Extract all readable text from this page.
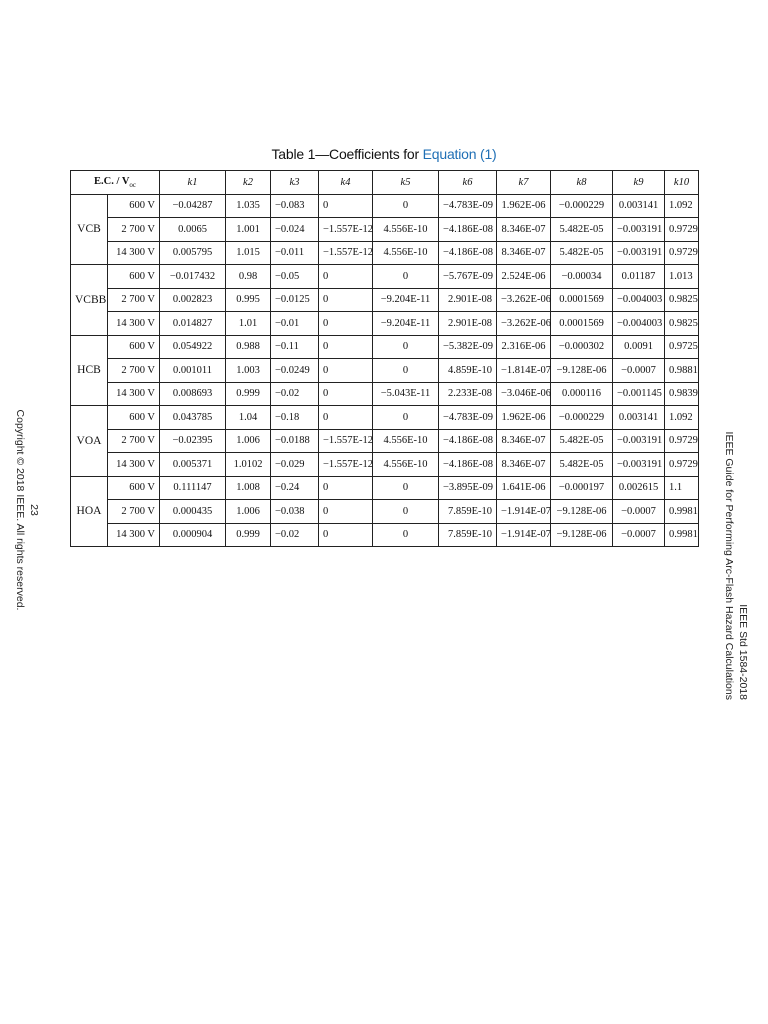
Table 1—Coefficients for Equation (1)
E.C. / $V_{oc}$		k1	k2	k3	k4	k5	k6	k7	k8	k9	k10
VCB	600 V	−0.04287	1.035	−0.083	0	0	−4.783E-09	1.962E-06	−0.000229	0.003141	1.092
	2 700 V	0.0065	1.001	−0.024	−1.557E-12	4.556E-10	−4.186E-08	8.346E-07	5.482E-05	−0.003191	0.9729
	14 300 V	0.005795	1.015	−0.011	−1.557E-12	4.556E-10	−4.186E-08	8.346E-07	5.482E-05	−0.003191	0.9729
VCBB	600 V	−0.017432	0.98	−0.05	0	0	−5.767E-09	2.524E-06	−0.00034	0.01187	1.013
	2 700 V	0.002823	0.995	−0.0125	0	−9.204E-11	2.901E-08	−3.262E-06	0.0001569	−0.004003	0.9825
	14 300 V	0.014827	1.01	−0.01	0	−9.204E-11	2.901E-08	−3.262E-06	0.0001569	−0.004003	0.9825
HCB	600 V	0.054922	0.988	−0.11	0	0	−5.382E-09	2.316E-06	−0.000302	0.0091	0.9725
	2 700 V	0.001011	1.003	−0.0249	0	0	4.859E-10	−1.814E-07	−9.128E-06	−0.0007	0.9881
	14 300 V	0.008693	0.999	−0.02	0	−5.043E-11	2.233E-08	−3.046E-06	0.000116	−0.001145	0.9839
VOA	600 V	0.043785	1.04	−0.18	0	0	−4.783E-09	1.962E-06	−0.000229	0.003141	1.092
	2 700 V	−0.02395	1.006	−0.0188	−1.557E-12	4.556E-10	−4.186E-08	8.346E-07	5.482E-05	−0.003191	0.9729
	14 300 V	0.005371	1.0102	−0.029	−1.557E-12	4.556E-10	−4.186E-08	8.346E-07	5.482E-05	−0.003191	0.9729
HOA	600 V	0.111147	1.008	−0.24	0	0	−3.895E-09	1.641E-06	−0.000197	0.002615	1.1
	2 700 V	0.000435	1.006	−0.038	0	0	7.859E-10	−1.914E-07	−9.128E-06	−0.0007	0.9981
	14 300 V	0.000904	0.999	−0.02	0	0	7.859E-10	−1.914E-07	−9.128E-06	−0.0007	0.9981
IEEE Std 1584-2018
IEEE Guide for Performing Arc-Flash Hazard Calculations
23
Copyright © 2018 IEEE. All rights reserved.
